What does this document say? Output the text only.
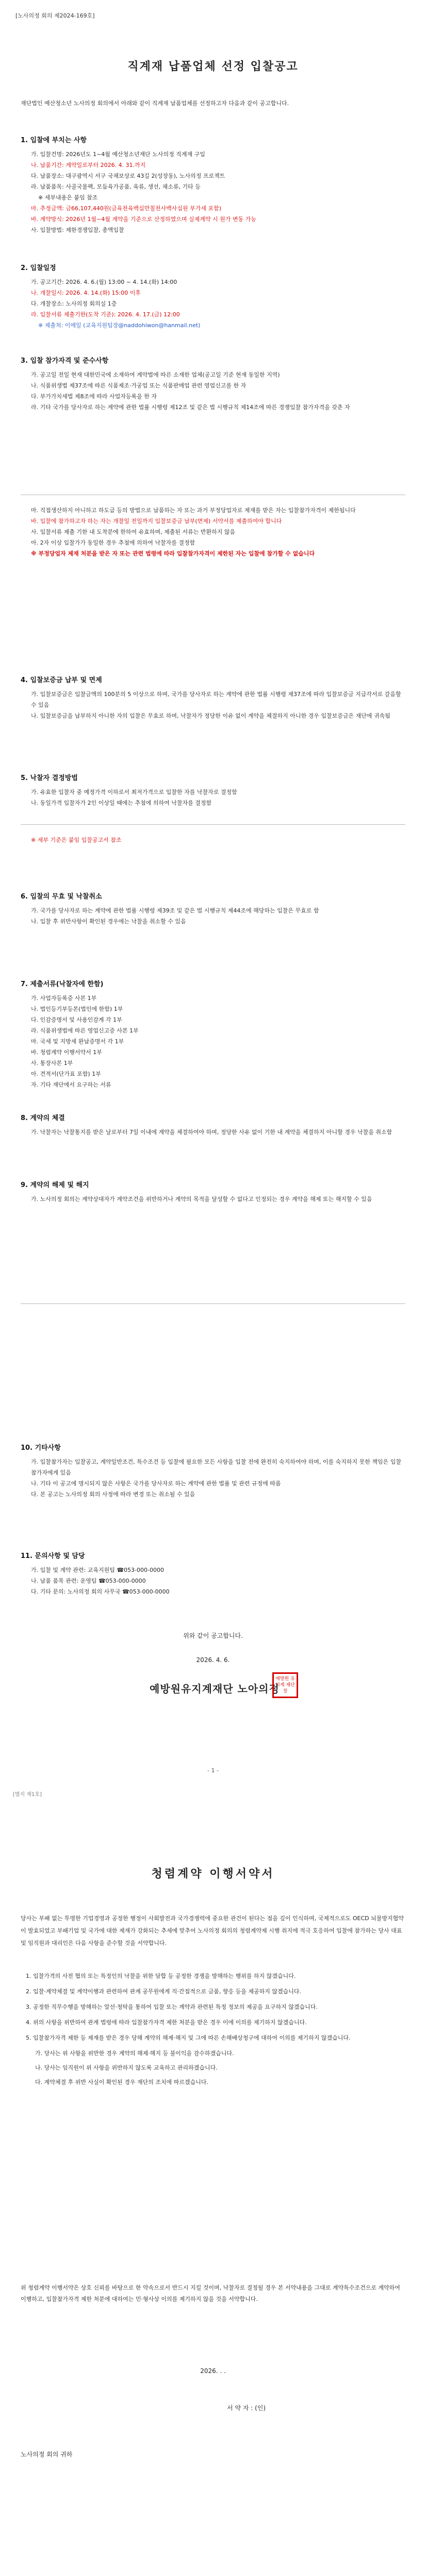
[노사의정 회의 제2024-169호]
직계재 납품업체 선정 입찰공고
재단법인 예산청소년 노사의정 회의에서 아래와 같이 직계재 납품업체를 선정하고자 다음과 같이 공고합니다.
1. 입찰에 부치는 사항
가. 입찰건명: 2026년도 1~4월 예산청소년재단 노사의정 직계재 구입
나. 납품기간: 계약일로부터 2026. 4. 31.까지
다. 납품장소: 대구광역시 서구 국채보상로 43길 2(성장동), 노사의정 프로젝트
라. 납품품목: 사골국물팩, 모듬육가공품, 육류, 생선, 채소류, 기타 등
※ 세부내용은 붙임 참조
마. 추정금액: 금66,107,440원(금육천육백십만칠천사백사십원 부가세 포함)
바. 계약방식: 2026년 1월~4월 계약을 기준으로 산정하였으며 실제계약 시 원가 변동 가능
사. 입찰방법: 제한경쟁입찰, 총액입찰
2. 입찰일정
가. 공고기간: 2026. 4. 6.(월) 13:00 ~ 4. 14.(화) 14:00
나. 개찰일시: 2026. 4. 14.(화) 15:00 이후
다. 개찰장소: 노사의정 회의실 1층
라. 입찰서류 제출기한(도착 기준): 2026. 4. 17.(금) 12:00
※ 제출처: 이메일 (교육지원팀장@naddohiwon@hanmail.net)
3. 입찰 참가자격 및 준수사항
가. 공고일 전일 현재 대한민국에 소재하여 계약법에 따른 소재한 업체(공고일 기준 현재 동일한 지역)
나. 식품위생법 제37조에 따른 식품제조·가공업 또는 식품판매업 관련 영업신고를 한 자
다. 부가가치세법 제8조에 따라 사업자등록을 한 자
라. 기타 국가를 당사자로 하는 계약에 관한 법률 시행령 제12조 및 같은 법 시행규칙 제14조에 따른 경쟁입찰 참가자격을 갖춘 자
마. 직접생산하지 아니하고 하도급 등의 방법으로 납품하는 자 또는 과거 부정당업자로 제재를 받은 자는 입찰참가자격이 제한됩니다
바. 입찰에 참가하고자 하는 자는 개찰일 전일까지 입찰보증금 납부(면제) 서약서를 제출하여야 합니다
사. 입찰서류 제출 기한 내 도착분에 한하여 유효하며, 제출된 서류는 반환하지 않음
아. 2자 이상 입찰가가 동일한 경우 추첨에 의하여 낙찰자를 결정함
※ 부정당업자 제재 처분을 받은 자 또는 관련 법령에 따라 입찰참가자격이 제한된 자는 입찰에 참가할 수 없습니다
4. 입찰보증금 납부 및 면제
가. 입찰보증금은 입찰금액의 100분의 5 이상으로 하며, 국가를 당사자로 하는 계약에 관한 법률 시행령 제37조에 따라 입찰보증금 지급각서로 갈음할 수 있음
나. 입찰보증금을 납부하지 아니한 자의 입찰은 무효로 하며, 낙찰자가 정당한 이유 없이 계약을 체결하지 아니한 경우 입찰보증금은 재단에 귀속됨
5. 낙찰자 결정방법
가. 유효한 입찰자 중 예정가격 이하로서 최저가격으로 입찰한 자를 낙찰자로 결정함
나. 동일가격 입찰자가 2인 이상일 때에는 추첨에 의하여 낙찰자를 결정함
※ 세부 기준은 붙임 입찰공고서 참조
6. 입찰의 무효 및 낙찰취소
가. 국가를 당사자로 하는 계약에 관한 법률 시행령 제39조 및 같은 법 시행규칙 제44조에 해당하는 입찰은 무효로 함
나. 입찰 후 위반사항이 확인된 경우에는 낙찰을 취소할 수 있음
7. 제출서류(낙찰자에 한함)
가. 사업자등록증 사본 1부
나. 법인등기부등본(법인에 한함) 1부
다. 인감증명서 및 사용인감계 각 1부
라. 식품위생법에 따른 영업신고증 사본 1부
마. 국세 및 지방세 완납증명서 각 1부
바. 청렴계약 이행서약서 1부
사. 통장사본 1부
아. 견적서(단가표 포함) 1부
자. 기타 재단에서 요구하는 서류
8. 계약의 체결
가. 낙찰자는 낙찰통지를 받은 날로부터 7일 이내에 계약을 체결하여야 하며, 정당한 사유 없이 기한 내 계약을 체결하지 아니할 경우 낙찰을 취소함
9. 계약의 해제 및 해지
가. 노사의정 회의는 계약상대자가 계약조건을 위반하거나 계약의 목적을 달성할 수 없다고 인정되는 경우 계약을 해제 또는 해지할 수 있음
10. 기타사항
가. 입찰참가자는 입찰공고, 계약일반조건, 특수조건 등 입찰에 필요한 모든 사항을 입찰 전에 완전히 숙지하여야 하며, 이를 숙지하지 못한 책임은 입찰참가자에게 있음
나. 기타 이 공고에 명시되지 않은 사항은 국가를 당사자로 하는 계약에 관한 법률 및 관련 규정에 따름
다. 본 공고는 노사의정 회의 사정에 따라 변경 또는 취소될 수 있음
11. 문의사항 및 담당
가. 입찰 및 계약 관련: 교육지원팀 ☎053-000-0000
나. 납품 품목 관련: 운영팀 ☎053-000-0000
다. 기타 문의: 노사의정 회의 사무국 ☎053-000-0000
위와 같이 공고합니다.
2026. 4. 6.
예방원유지계재단 노아의정
예방원 유지계 재단장
- 1 -
[별지 제1호]
청렴계약 이행서약서
당사는 부패 없는 투명한 기업경영과 공정한 행정이 사회발전과 국가경쟁력에 중요한 관건이 된다는 점을 깊이 인식하며, 국제적으로도 OECD 뇌물방지협약이 발효되었고 부패기업 및 국가에 대한 제재가 강화되는 추세에 맞추어 노사의정 회의의 청렴계약제 시행 취지에 적극 호응하여 입찰에 참가하는 당사 대표 및 임직원과 대리인은 다음 사항을 준수할 것을 서약합니다.
1. 입찰가격의 사전 협의 또는 특정인의 낙찰을 위한 담합 등 공정한 경쟁을 방해하는 행위를 하지 않겠습니다.
2. 입찰·계약체결 및 계약이행과 관련하여 관계 공무원에게 직·간접적으로 금품, 향응 등을 제공하지 않겠습니다.
3. 공정한 직무수행을 방해하는 알선·청탁을 통하여 입찰 또는 계약과 관련된 특정 정보의 제공을 요구하지 않겠습니다.
4. 위의 사항을 위반하여 관계 법령에 따라 입찰참가자격 제한 처분을 받은 경우 이에 이의를 제기하지 않겠습니다.
5. 입찰참가자격 제한 등 제재를 받은 경우 당해 계약의 해제·해지 및 그에 따른 손해배상청구에 대하여 이의를 제기하지 않겠습니다.
가. 당사는 위 사항을 위반한 경우 계약의 해제·해지 등 불이익을 감수하겠습니다.
나. 당사는 임직원이 위 사항을 위반하지 않도록 교육하고 관리하겠습니다.
다. 계약체결 후 위반 사실이 확인된 경우 재단의 조치에 따르겠습니다.
위 청렴계약 이행서약은 상호 신뢰를 바탕으로 한 약속으로서 반드시 지킬 것이며, 낙찰자로 결정될 경우 본 서약내용을 그대로 계약특수조건으로 계약하여 이행하고, 입찰참가자격 제한 처분에 대하여는 민·형사상 이의를 제기하지 않을 것을 서약합니다.
2026. . .
서 약 자 : (인)
노사의정 회의 귀하
